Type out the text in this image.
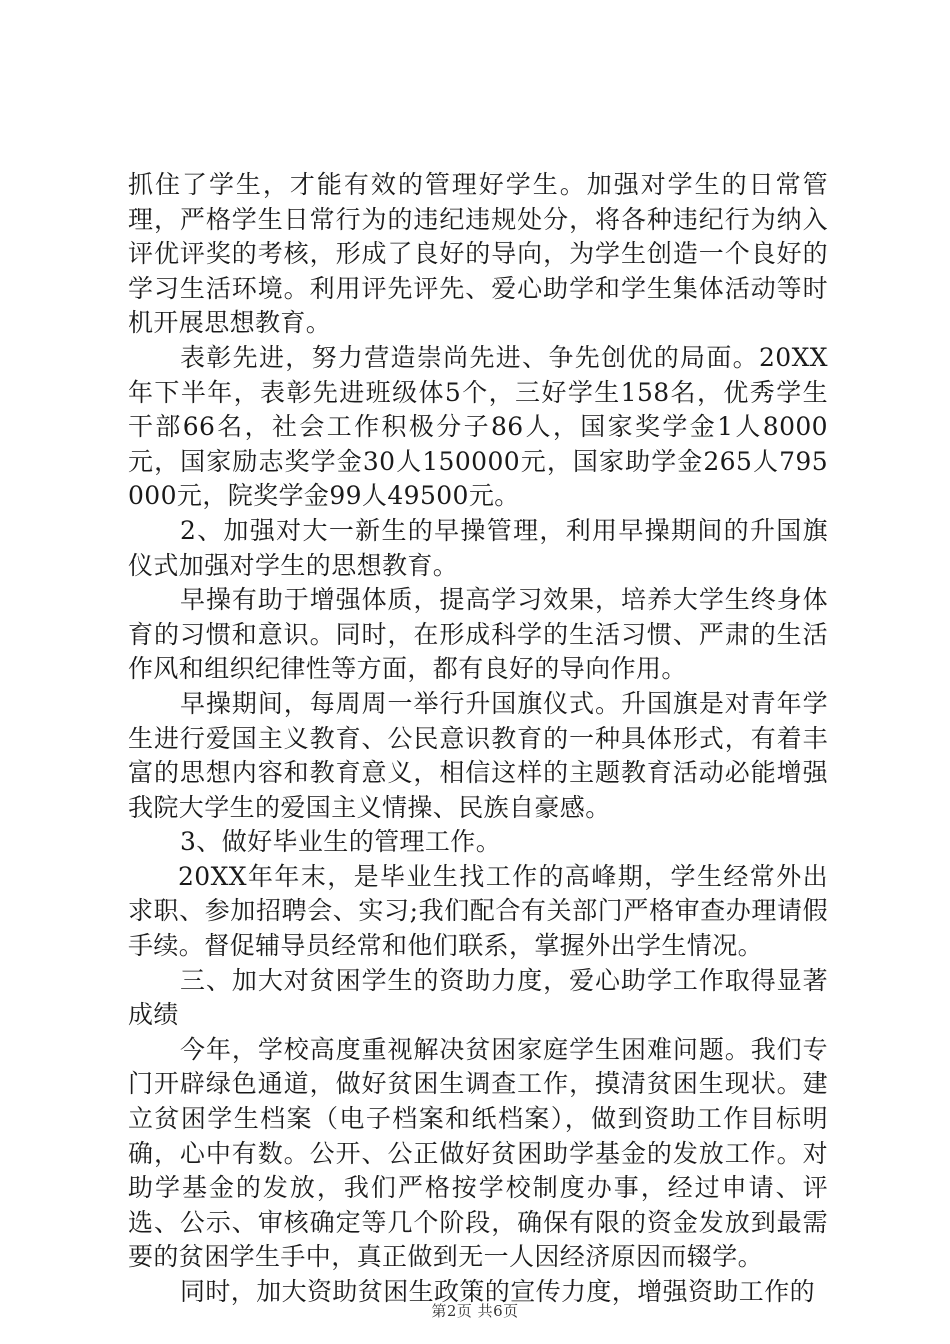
抓住了学生，才能有效的管理好学生。加强对学生的日常管理，严格学生日常行为的违纪违规处分，将各种违纪行为纳入评优评奖的考核，形成了良好的导向，为学生创造一个良好的学习生活环境。利用评先评先、爱心助学和学生集体活动等时机开展思想教育。

表彰先进，努力营造崇尚先进、争先创优的局面。20XX年下半年，表彰先进班级体5个，三好学生158名，优秀学生干部66名，社会工作积极分子86人，国家奖学金1人8000元，国家励志奖学金30人150000元，国家助学金265人795000元，院奖学金99人49500元。

2、加强对大一新生的早操管理，利用早操期间的升国旗仪式加强对学生的思想教育。

早操有助于增强体质，提高学习效果，培养大学生终身体育的习惯和意识。同时，在形成科学的生活习惯、严肃的生活作风和组织纪律性等方面，都有良好的导向作用。

早操期间，每周周一举行升国旗仪式。升国旗是对青年学生进行爱国主义教育、公民意识教育的一种具体形式，有着丰富的思想内容和教育意义，相信这样的主题教育活动必能增强我院大学生的爱国主义情操、民族自豪感。

3、做好毕业生的管理工作。

20XX年年末，是毕业生找工作的高峰期，学生经常外出求职、参加招聘会、实习;我们配合有关部门严格审查办理请假手续。督促辅导员经常和他们联系，掌握外出学生情况。

三、加大对贫困学生的资助力度，爱心助学工作取得显著成绩

今年，学校高度重视解决贫困家庭学生困难问题。我们专门开辟绿色通道，做好贫困生调查工作，摸清贫困生现状。建立贫困学生档案（电子档案和纸档案），做到资助工作目标明确，心中有数。公开、公正做好贫困助学基金的发放工作。对助学基金的发放，我们严格按学校制度办事，经过申请、评选、公示、审核确定等几个阶段，确保有限的资金发放到最需要的贫困学生手中，真正做到无一人因经济原因而辍学。

同时，加大资助贫困生政策的宣传力度，增强资助工作的

第2页 共6页
